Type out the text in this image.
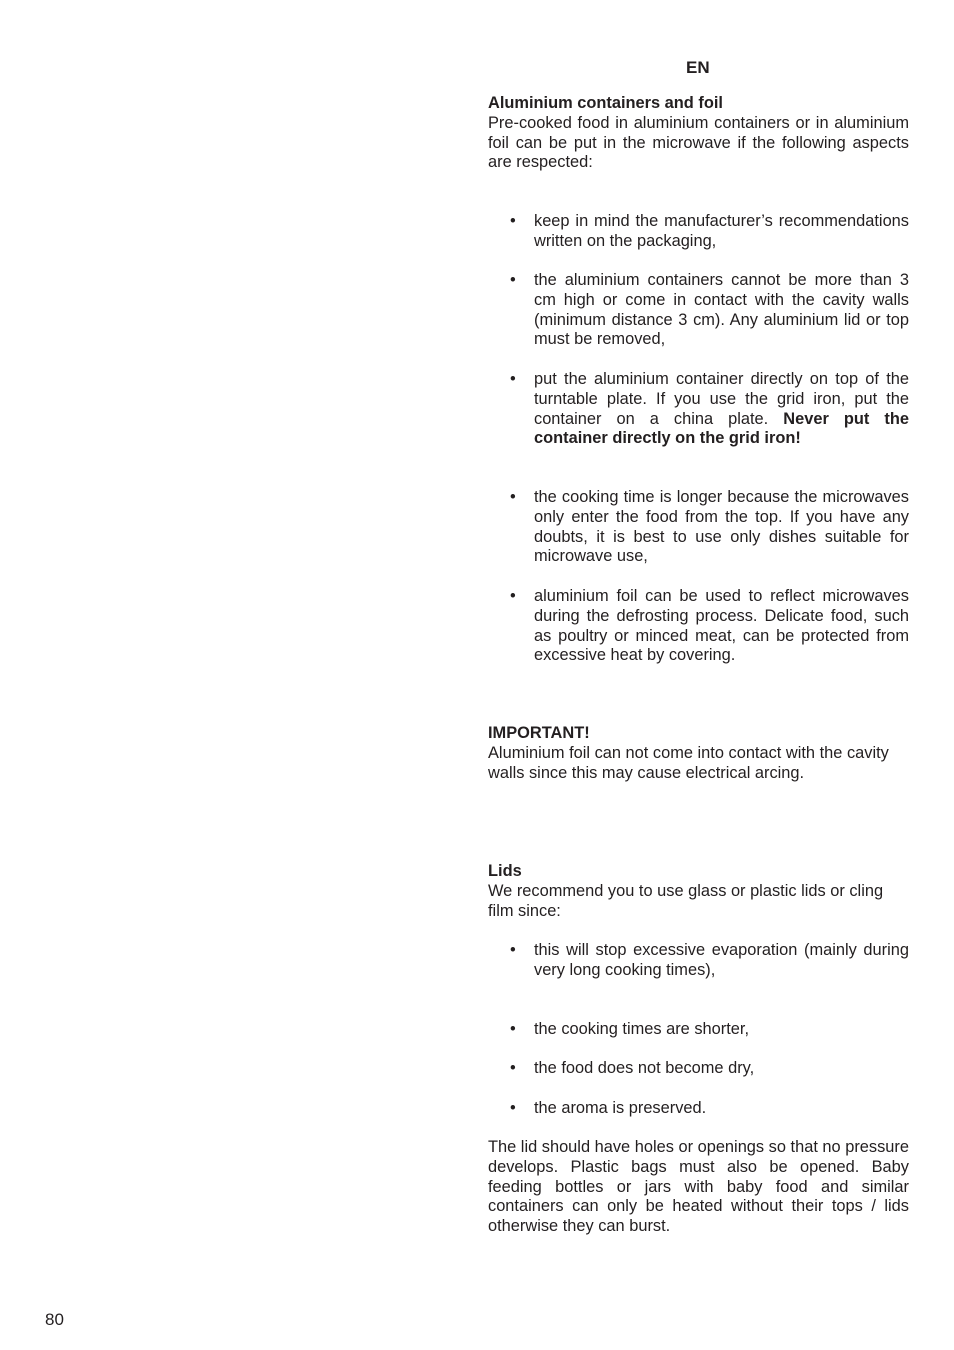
EN

Aluminium containers and foil

Pre-cooked food in aluminium containers or in aluminium foil can be put in the microwave if the following aspects are respected:

• keep in mind the manufacturer’s recommendations written on the packaging,
• the aluminium containers cannot be more than 3 cm high or come in contact with the cavity walls (minimum distance 3 cm). Any aluminium lid or top must be removed,
• put the aluminium container directly on top of the turntable plate. If you use the grid iron, put the container on a china plate. Never put the container directly on the grid iron!
• the cooking time is longer because the microwaves only enter the food from the top. If you have any doubts, it is best to use only dishes suitable for microwave use,
• aluminium foil can be used to reflect microwaves during the defrosting process. Delicate food, such as poultry or minced meat, can be protected from excessive heat by covering.

IMPORTANT!

Aluminium foil can not come into contact with the cavity walls since this may cause electrical arcing.

Lids

We recommend you to use glass or plastic lids or cling film since:

• this will stop excessive evaporation (mainly during very long cooking times),
• the cooking times are shorter,
• the food does not become dry,
• the aroma is preserved.

The lid should have holes or openings so that no pressure develops. Plastic bags must also be opened. Baby feeding bottles or jars with baby food and similar containers can only be heated without their tops / lids otherwise they can burst.

80
